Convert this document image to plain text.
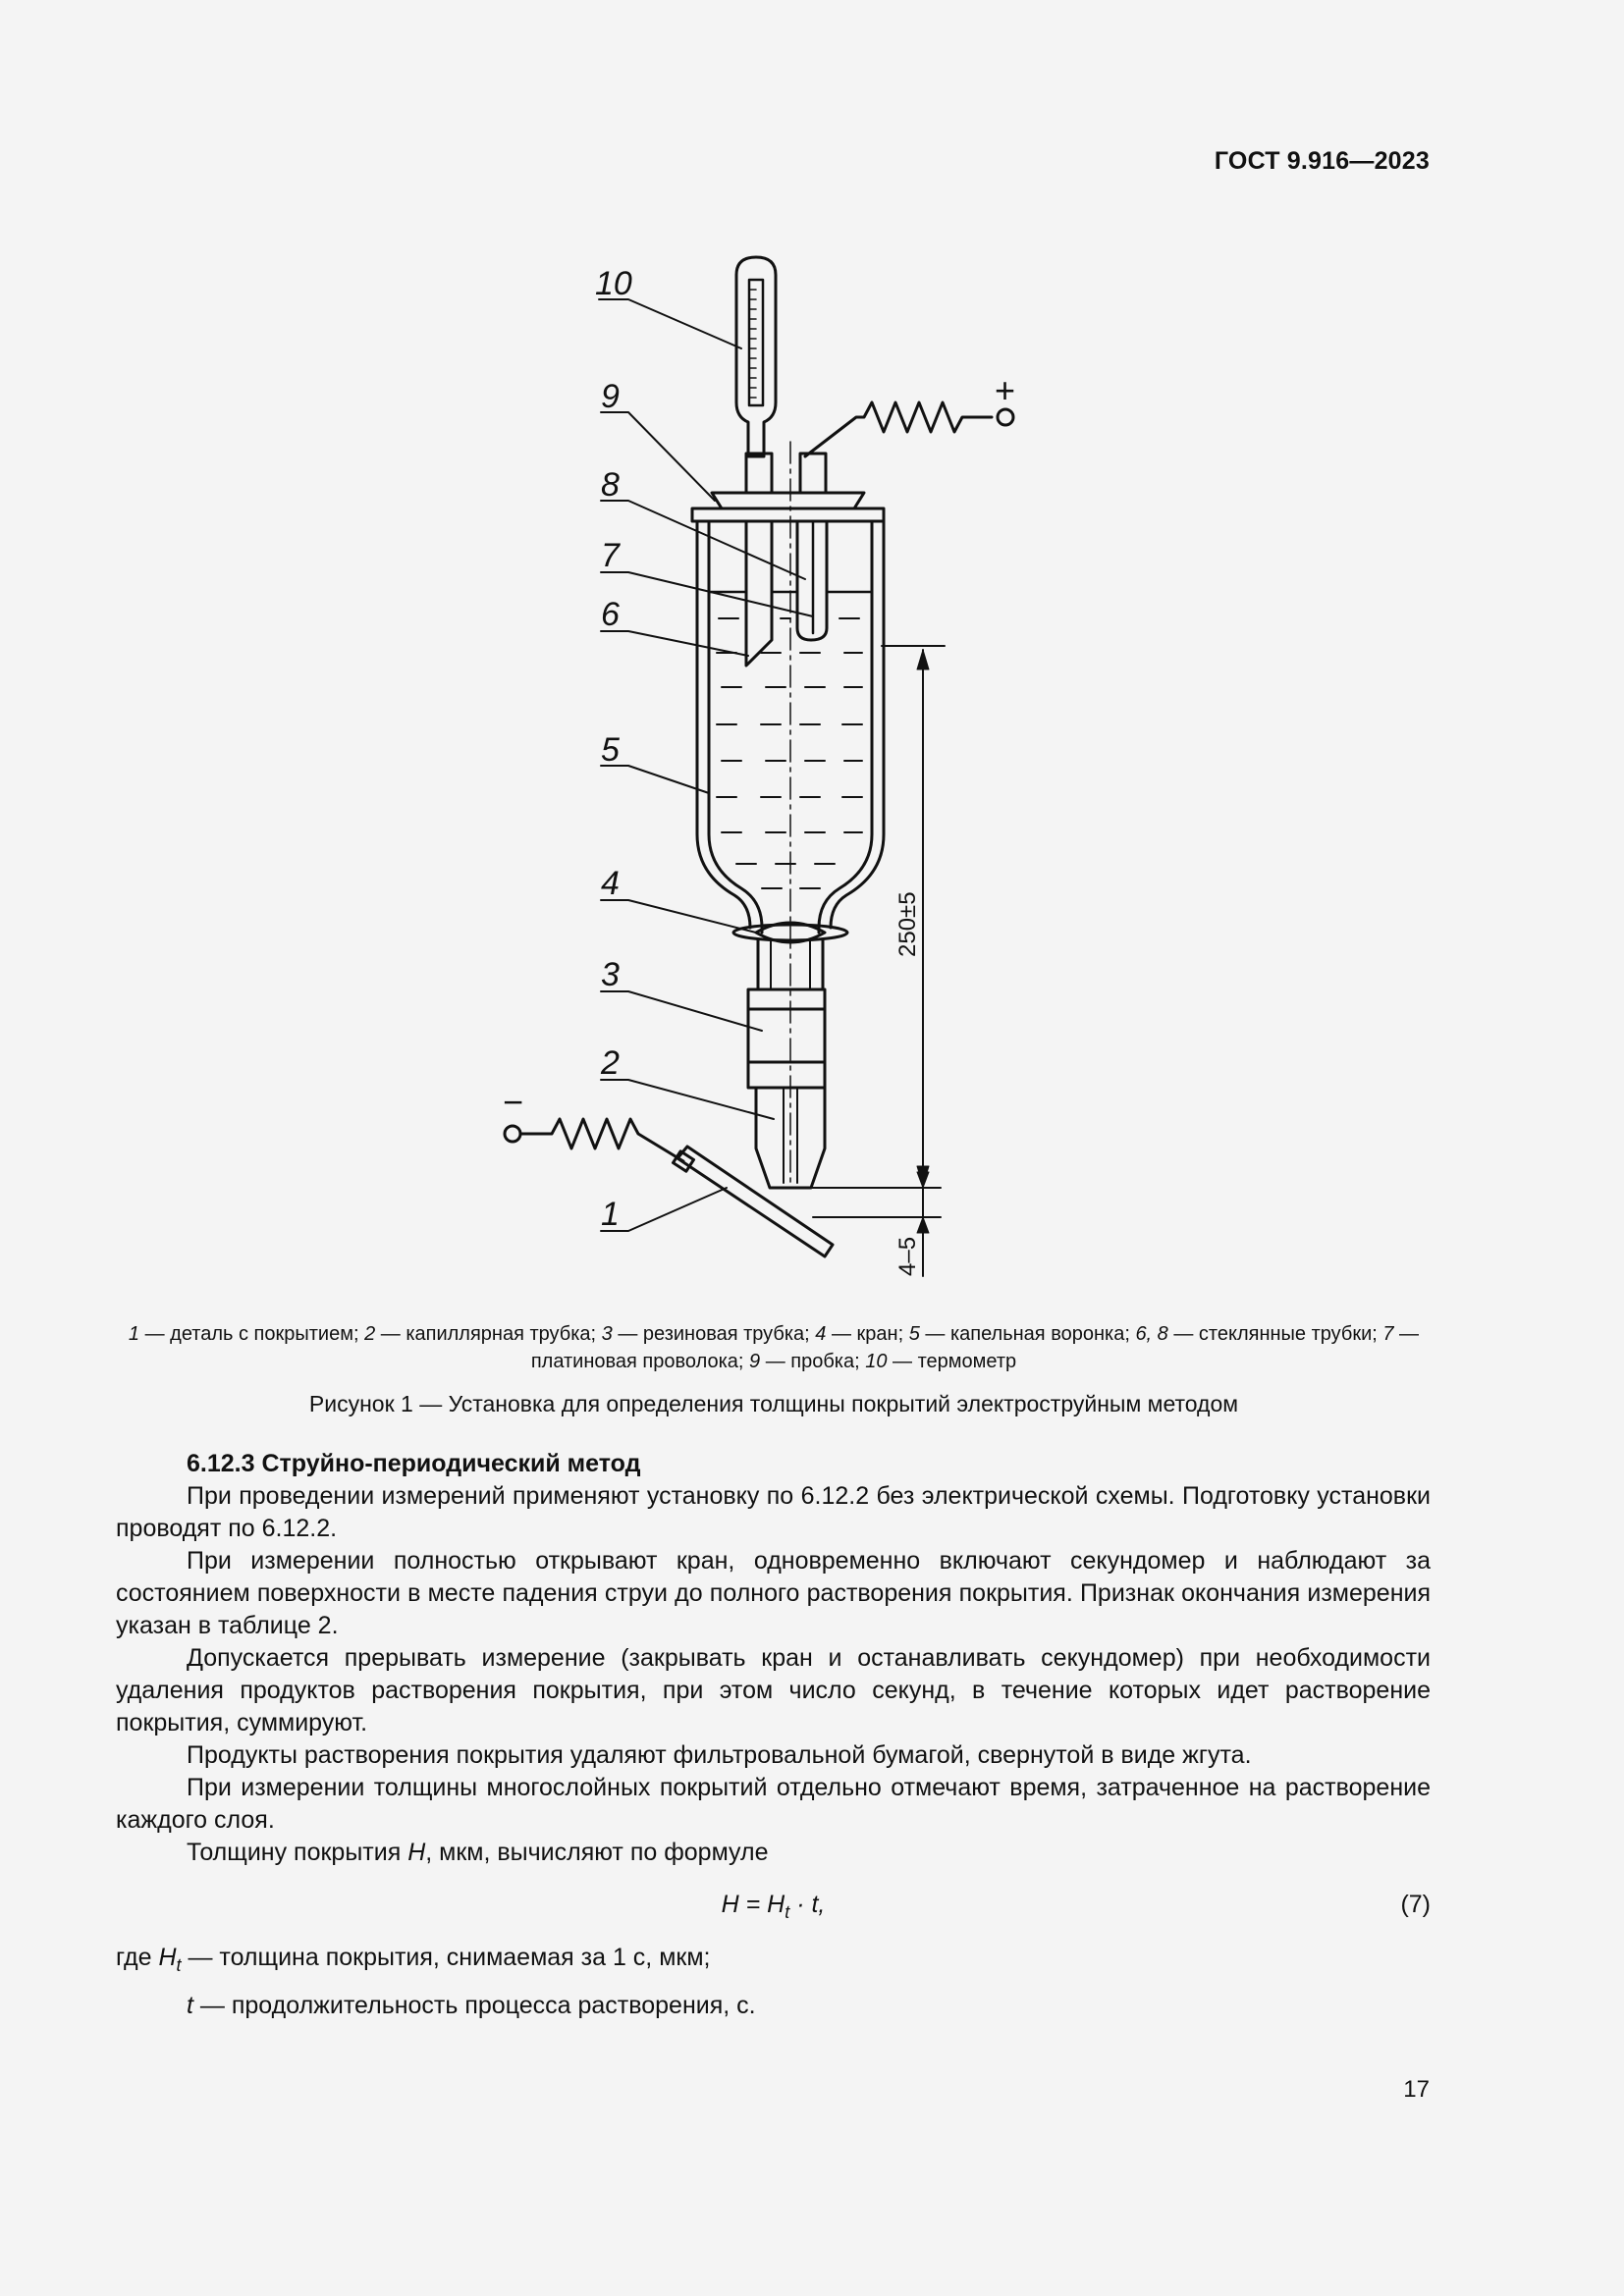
ГОСТ 9.916—2023
10
9
8
7
6
5
4
3
2
1
+
−
250±5
4–5
1 — деталь с покрытием; 2 — капиллярная трубка; 3 — резиновая трубка; 4 — кран; 5 — капельная воронка; 6, 8 — стеклянные трубки; 7 — платиновая проволока; 9 — пробка; 10 — термометр
Рисунок 1 — Установка для определения толщины покрытий электроструйным методом

6.12.3 Струйно-периодический метод

При проведении измерений применяют установку по 6.12.2 без электрической схемы. Подготовку установки проводят по 6.12.2.

При измерении полностью открывают кран, одновременно включают секундомер и наблюдают за состоянием поверхности в месте падения струи до полного растворения покрытия. Признак окончания измерения указан в таблице 2.

Допускается прерывать измерение (закрывать кран и останавливать секундомер) при необходимости удаления продуктов растворения покрытия, при этом число секунд, в течение которых идет растворение покрытия, суммируют.

Продукты растворения покрытия удаляют фильтровальной бумагой, свернутой в виде жгута.

При измерении толщины многослойных покрытий отдельно отмечают время, затраченное на растворение каждого слоя.

Толщину покрытия H, мкм, вычисляют по формуле

$H = H_t \cdot t$,	(7)

где $H_t$ — толщина покрытия, снимаемая за 1 с, мкм;

t — продолжительность процесса растворения, с.

17
